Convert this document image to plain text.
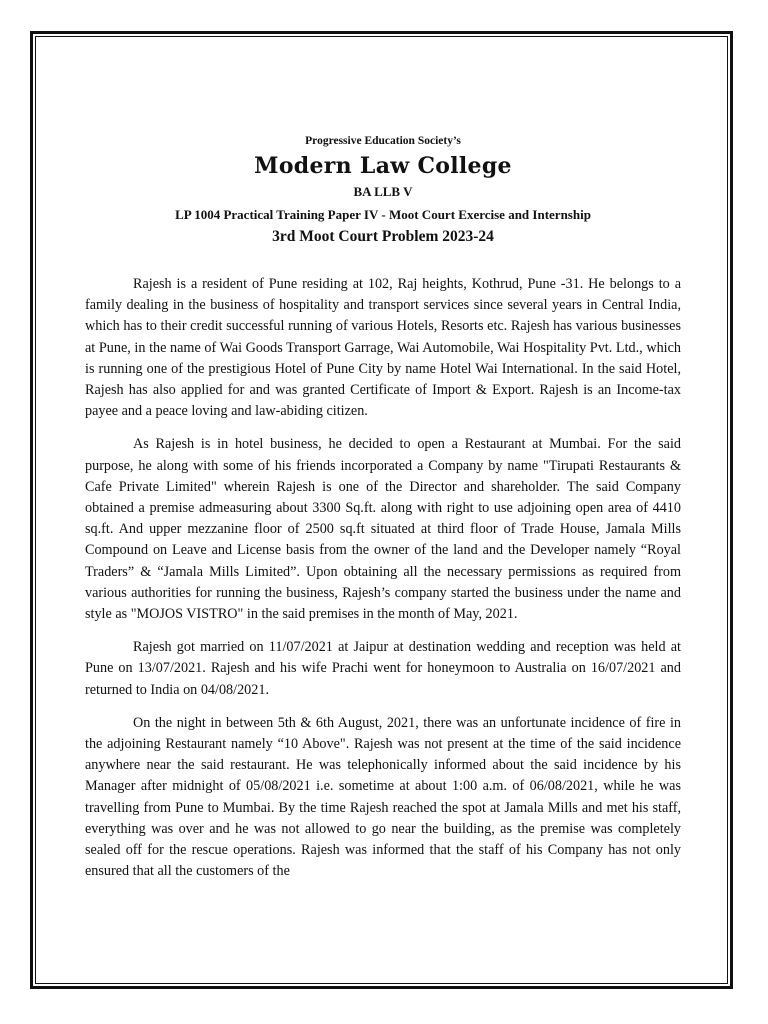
Progressive Education Society’s
Modern Law College
BA LLB V
LP 1004 Practical Training Paper IV - Moot Court Exercise and Internship
3rd Moot Court Problem 2023-24

Rajesh is a resident of Pune residing at 102, Raj heights, Kothrud, Pune -31. He belongs to a family dealing in the business of hospitality and transport services since several years in Central India, which has to their credit successful running of various Hotels, Resorts etc. Rajesh has various businesses at Pune, in the name of Wai Goods Transport Garrage, Wai Automobile, Wai Hospitality Pvt. Ltd., which is running one of the prestigious Hotel of Pune City by name Hotel Wai International. In the said Hotel, Rajesh has also applied for and was granted Certificate of Import & Export. Rajesh is an Income-tax payee and a peace loving and law-abiding citizen.

As Rajesh is in hotel business, he decided to open a Restaurant at Mumbai. For the said purpose, he along with some of his friends incorporated a Company by name "Tirupati Restaurants & Cafe Private Limited" wherein Rajesh is one of the Director and shareholder. The said Company obtained a premise admeasuring about 3300 Sq.ft. along with right to use adjoining open area of 4410 sq.ft. And upper mezzanine floor of 2500 sq.ft situated at third floor of Trade House, Jamala Mills Compound on Leave and License basis from the owner of the land and the Developer namely “Royal Traders” & “Jamala Mills Limited”. Upon obtaining all the necessary permissions as required from various authorities for running the business, Rajesh’s company started the business under the name and style as "MOJOS VISTRO" in the said premises in the month of May, 2021.

Rajesh got married on 11/07/2021 at Jaipur at destination wedding and reception was held at Pune on 13/07/2021. Rajesh and his wife Prachi went for honeymoon to Australia on 16/07/2021 and returned to India on 04/08/2021.

On the night in between 5th & 6th August, 2021, there was an unfortunate incidence of fire in the adjoining Restaurant namely “10 Above". Rajesh was not present at the time of the said incidence anywhere near the said restaurant. He was telephonically informed about the said incidence by his Manager after midnight of 05/08/2021 i.e. sometime at about 1:00 a.m. of 06/08/2021, while he was travelling from Pune to Mumbai. By the time Rajesh reached the spot at Jamala Mills and met his staff, everything was over and he was not allowed to go near the building, as the premise was completely sealed off for the rescue operations. Rajesh was informed that the staff of his Company has not only ensured that all the customers of the
